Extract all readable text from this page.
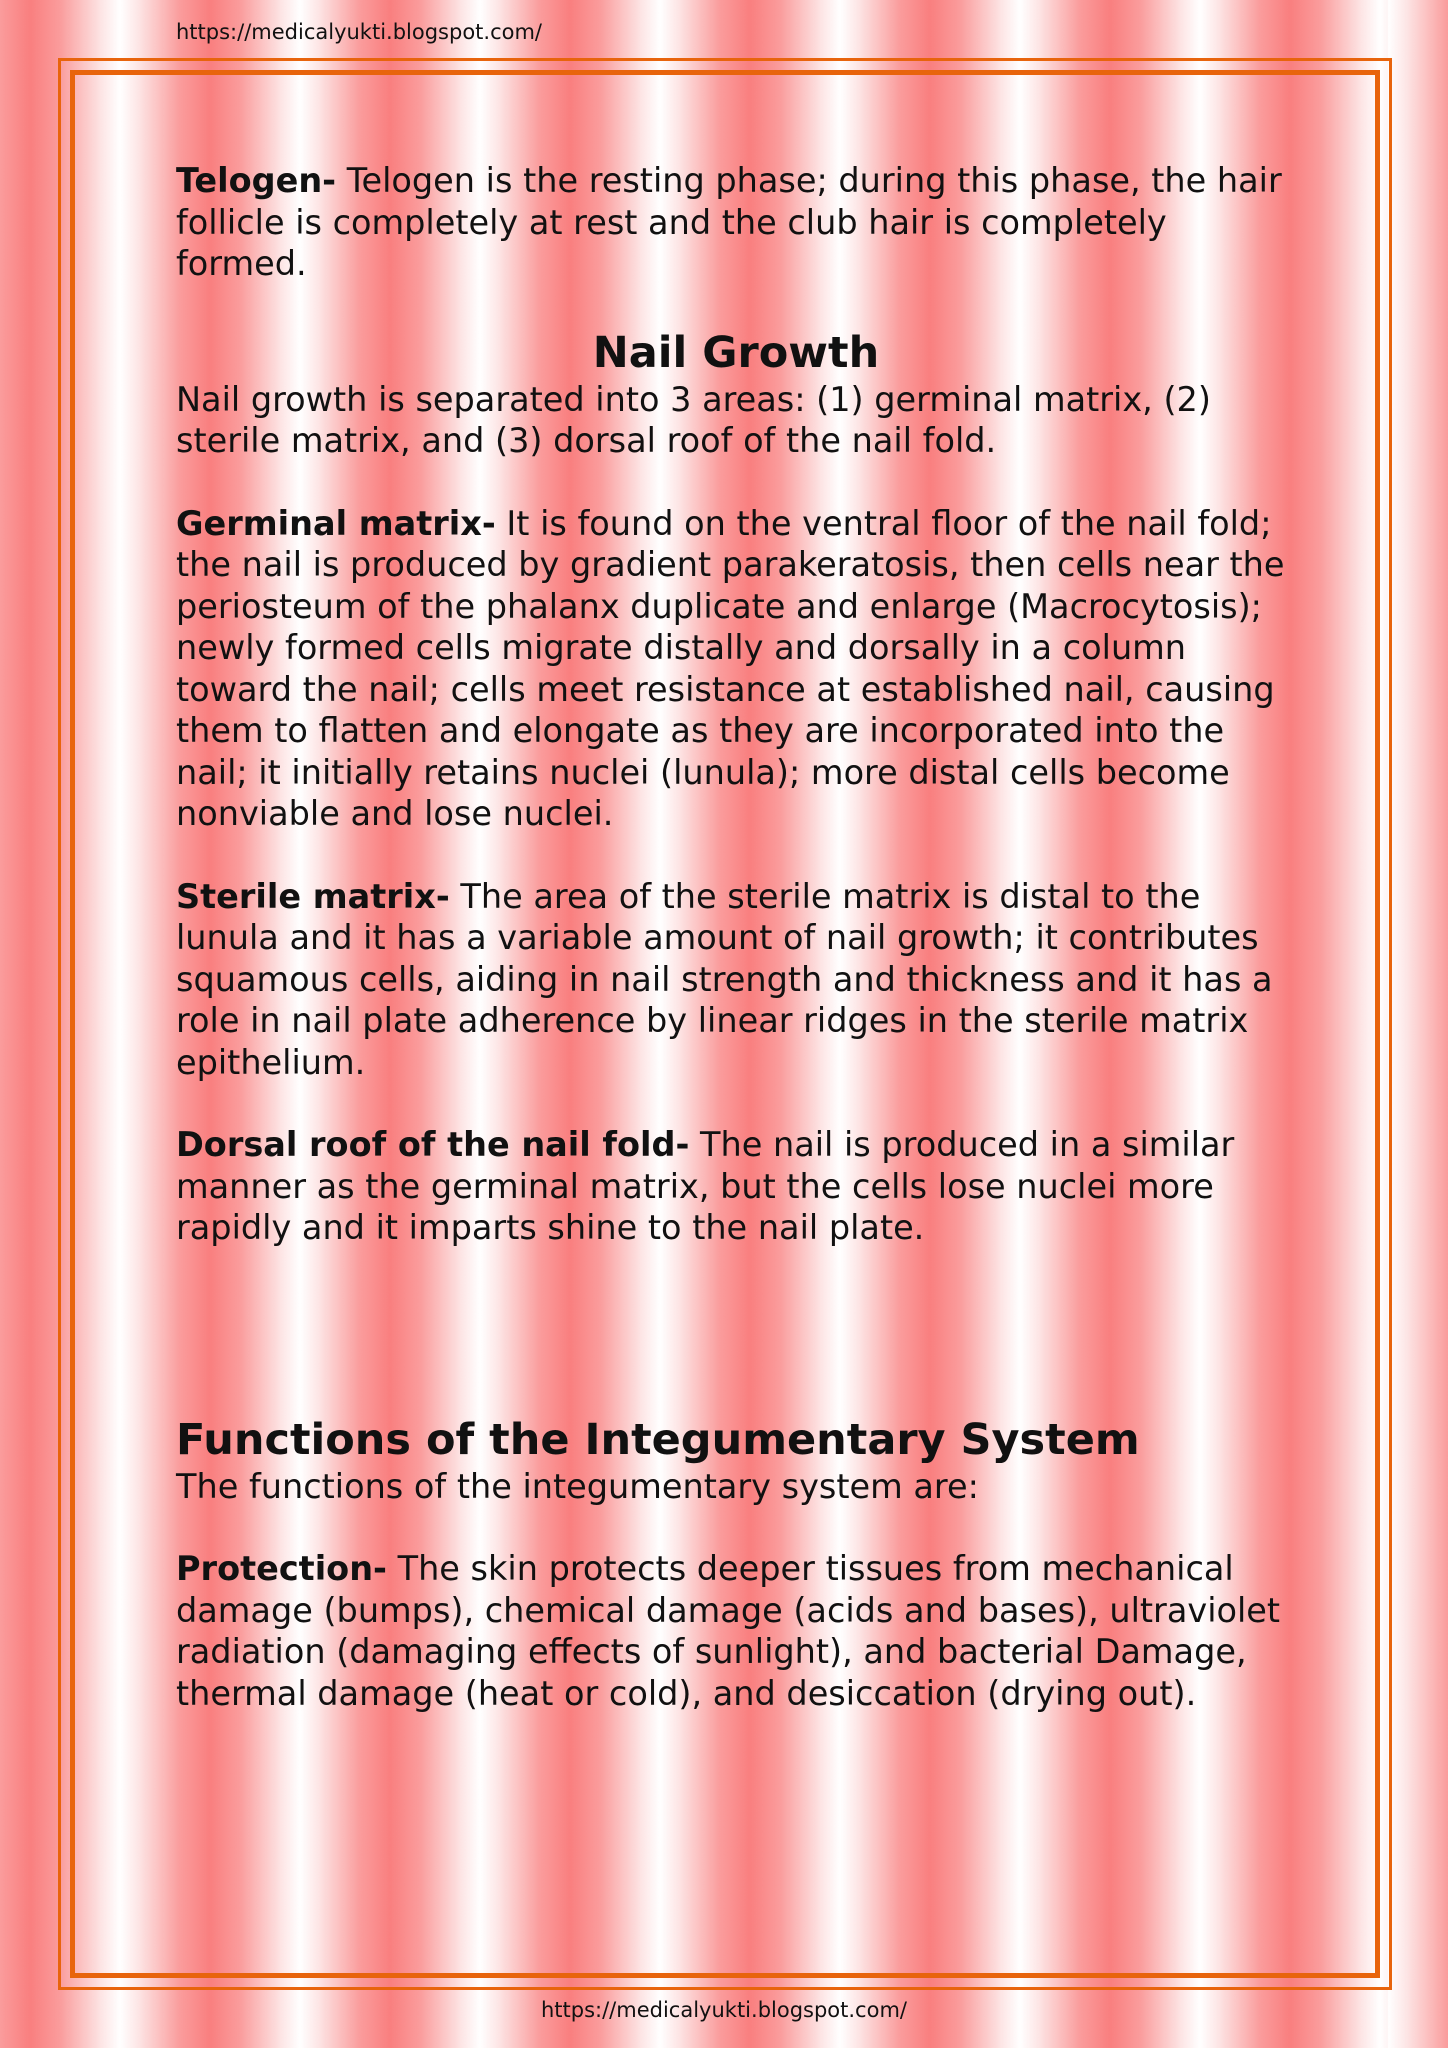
https://medicalyukti.blogspot.com/

Telogen- Telogen is the resting phase; during this phase, the hair follicle is completely at rest and the club hair is completely formed.

Nail Growth

Nail growth is separated into 3 areas: (1) germinal matrix, (2) sterile matrix, and (3) dorsal roof of the nail fold.

Germinal matrix- It is found on the ventral floor of the nail fold; the nail is produced by gradient parakeratosis, then cells near the periosteum of the phalanx duplicate and enlarge (Macrocytosis); newly formed cells migrate distally and dorsally in a column toward the nail; cells meet resistance at established nail, causing them to flatten and elongate as they are incorporated into the nail; it initially retains nuclei (lunula); more distal cells become nonviable and lose nuclei.

Sterile matrix- The area of the sterile matrix is distal to the lunula and it has a variable amount of nail growth; it contributes squamous cells, aiding in nail strength and thickness and it has a role in nail plate adherence by linear ridges in the sterile matrix epithelium.

Dorsal roof of the nail fold- The nail is produced in a similar manner as the germinal matrix, but the cells lose nuclei more rapidly and it imparts shine to the nail plate.

Functions of the Integumentary System

The functions of the integumentary system are:

Protection- The skin protects deeper tissues from mechanical damage (bumps), chemical damage (acids and bases), ultraviolet radiation (damaging effects of sunlight), and bacterial Damage, thermal damage (heat or cold), and desiccation (drying out).

https://medicalyukti.blogspot.com/
